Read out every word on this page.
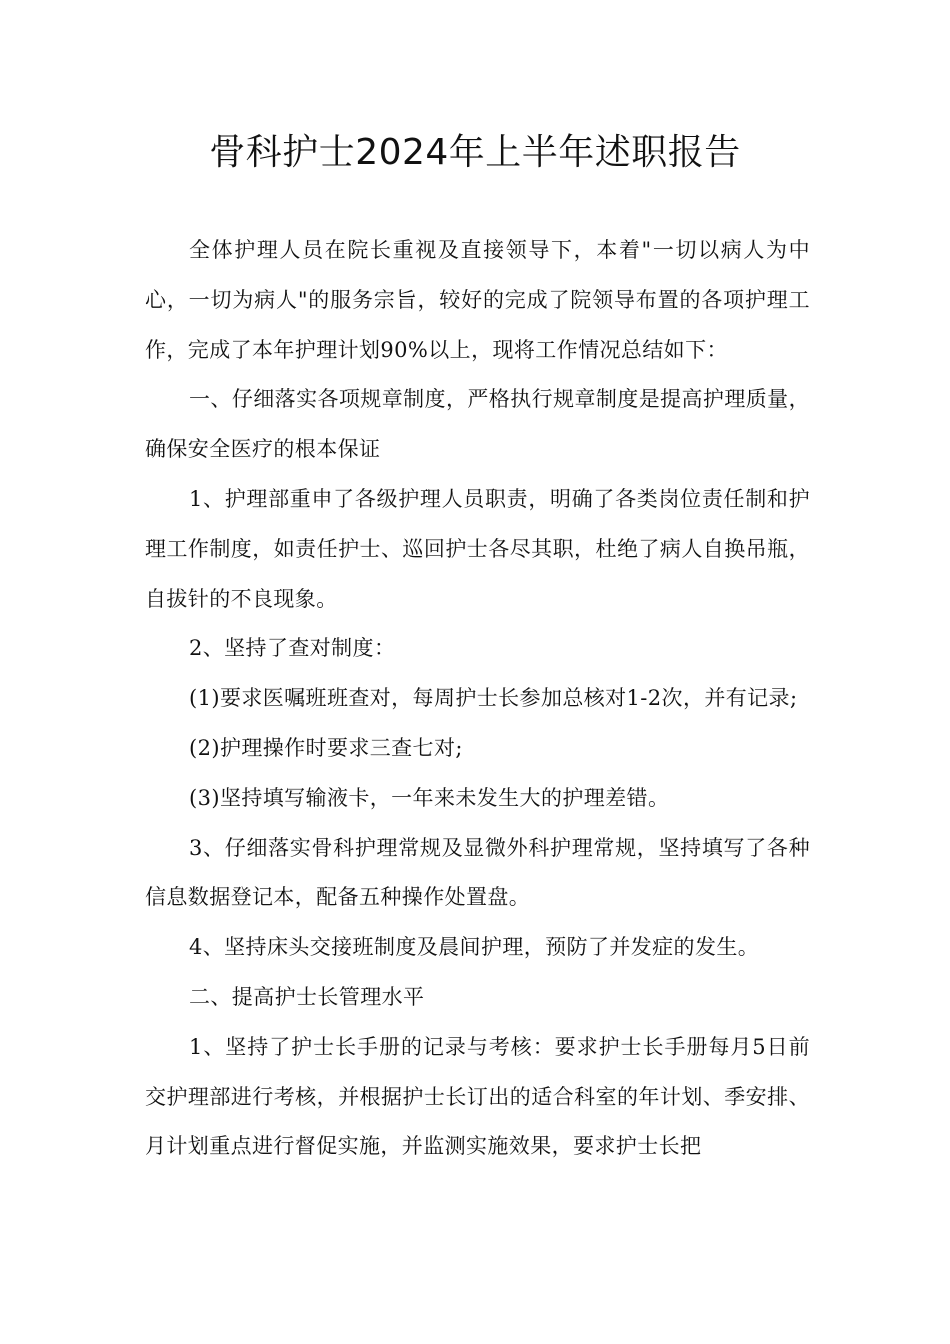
骨科护士2024年上半年述职报告

全体护理人员在院长重视及直接领导下，本着"一切以病人为中心，一切为病人"的服务宗旨，较好的完成了院领导布置的各项护理工作，完成了本年护理计划90%以上，现将工作情况总结如下：

一、仔细落实各项规章制度，严格执行规章制度是提高护理质量，确保安全医疗的根本保证

1、护理部重申了各级护理人员职责，明确了各类岗位责任制和护理工作制度，如责任护士、巡回护士各尽其职，杜绝了病人自换吊瓶，自拔针的不良现象。

2、坚持了查对制度：

(1)要求医嘱班班查对，每周护士长参加总核对1-2次，并有记录;

(2)护理操作时要求三查七对;

(3)坚持填写输液卡，一年来未发生大的护理差错。

3、仔细落实骨科护理常规及显微外科护理常规，坚持填写了各种信息数据登记本，配备五种操作处置盘。

4、坚持床头交接班制度及晨间护理，预防了并发症的发生。

二、提高护士长管理水平

1、坚持了护士长手册的记录与考核：要求护士长手册每月5日前交护理部进行考核，并根据护士长订出的适合科室的年计划、季安排、月计划重点进行督促实施，并监测实施效果，要求护士长把
